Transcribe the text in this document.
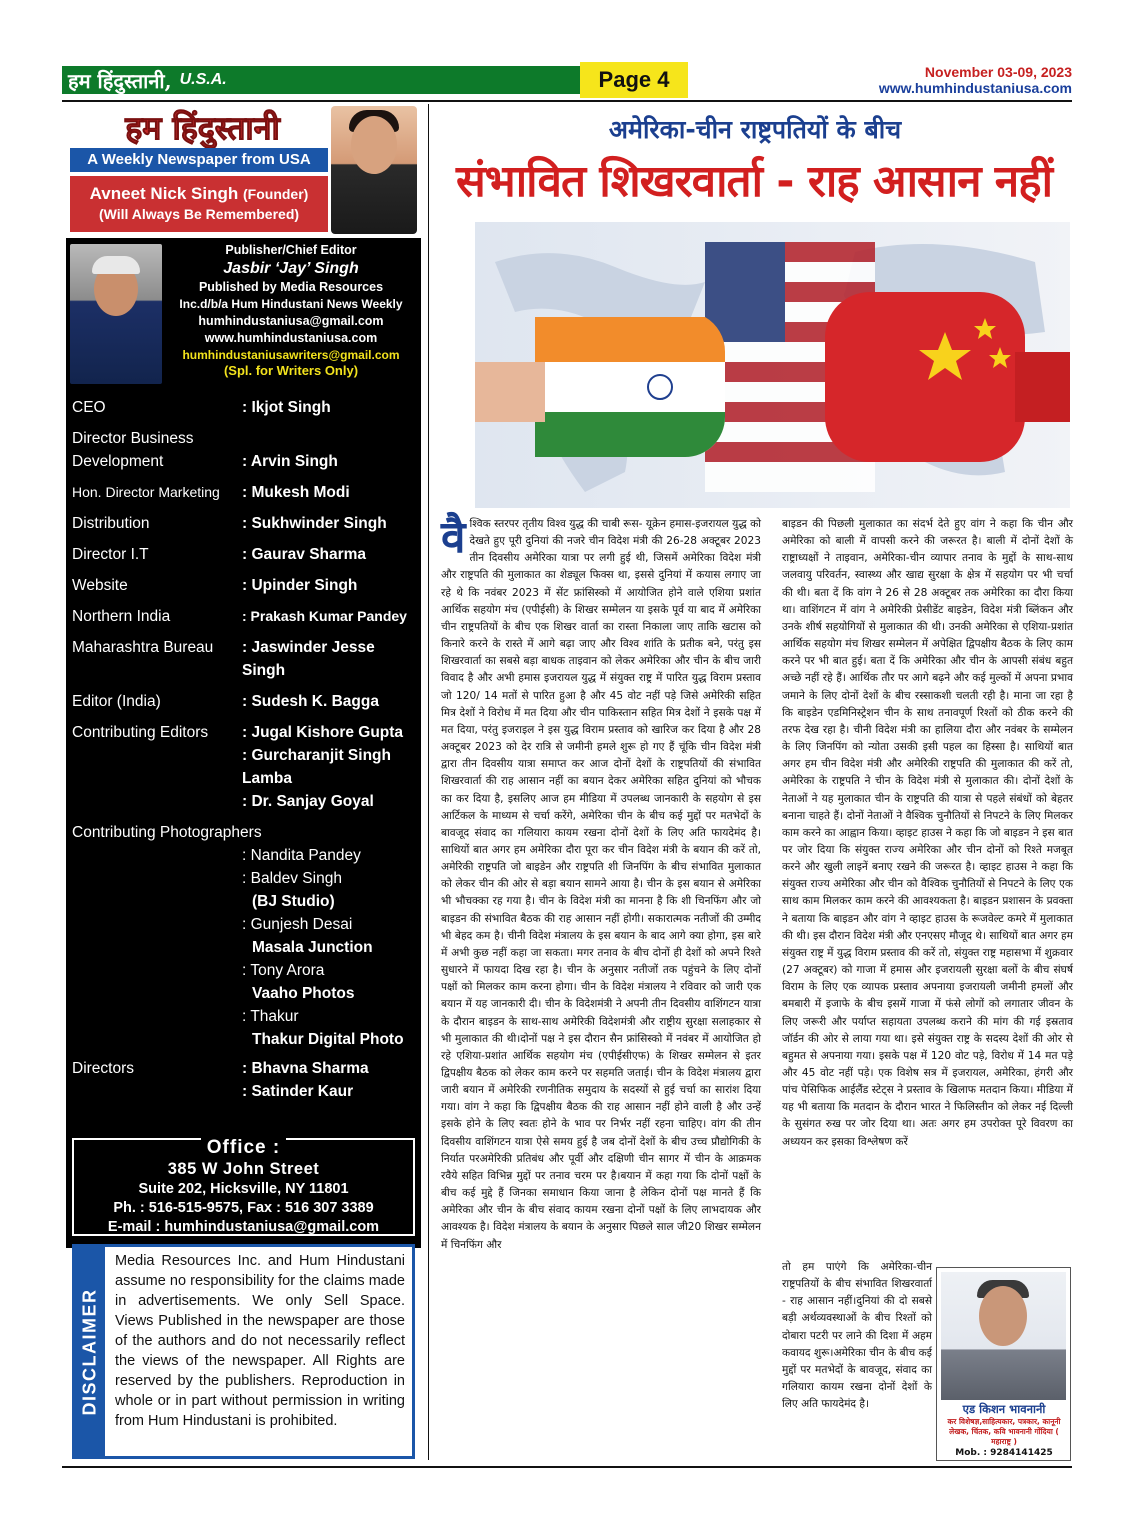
हम हिंदुस्तानी, U.S.A.	Page 4	November 03-09, 2023
www.humhindustaniusa.com
हम हिंदुस्तानी
A Weekly Newspaper from USA
Avneet Nick Singh (Founder)
(Will Always Be Remembered)
Publisher/Chief Editor
Jasbir ‘Jay’ Singh
Published by Media Resources
Inc.d/b/a Hum Hindustani News Weekly
humhindustaniusa@gmail.com
www.humhindustaniusa.com
humhindustaniusawriters@gmail.com
(Spl. for Writers Only)
CEO	: Ikjot Singh
Director Business Development	: Arvin Singh
Hon. Director Marketing	: Mukesh Modi
Distribution	: Sukhwinder Singh
Director I.T	: Gaurav Sharma
Website	: Upinder Singh
Northern India	: Prakash Kumar Pandey
Maharashtra Bureau	: Jaswinder Jesse Singh
Editor (India)	: Sudesh K. Bagga
Contributing Editors	: Jugal Kishore Gupta
: Gurcharanjit Singh Lamba
: Dr. Sanjay Goyal
Contributing Photographers
: Nandita Pandey
: Baldev Singh
(BJ Studio)
: Gunjesh Desai
Masala Junction
: Tony Arora
Vaaho Photos
: Thakur
Thakur Digital Photo
Directors	: Bhavna Sharma
: Satinder Kaur
Office :
385 W John Street
Suite 202, Hicksville, NY 11801
Ph. : 516-515-9575, Fax : 516 307 3389
E-mail : humhindustaniusa@gmail.com
DISCLAIMER
Media Resources Inc. and Hum Hindustani assume no responsibility for the claims made in advertisements. We only Sell Space. Views Published in the newspaper are those of the authors and do not necessarily reflect the views of the newspaper. All Rights are reserved by the publishers. Reproduction in whole or in part without permission in writing from Hum Hindustani is prohibited.
अमेरिका-चीन राष्ट्रपतियों के बीच
संभावित शिखरवार्ता - राह आसान नहीं
वैश्विक स्तरपर तृतीय विश्व युद्ध की चाबी रूस- यूक्रेन हमास-इजरायल युद्ध को देखते हुए पूरी दुनियां की नजरे चीन विदेश मंत्री की 26-28 अक्टूबर 2023 तीन दिवसीय अमेरिका यात्रा पर लगी हुई थी, जिसमें अमेरिका विदेश मंत्री और राष्ट्रपति की मुलाकात का शेड्यूल फिक्स था, इससे दुनियां में कयास लगाए जा रहे थे कि नवंबर 2023 में सेंट फ्रांसिस्को में आयोजित होने वाले एशिया प्रशांत आर्थिक सहयोग मंच (एपीईसी) के शिखर सम्मेलन या इसके पूर्व या बाद में अमेरिका चीन राष्ट्रपतियों के बीच एक शिखर वार्ता का रास्ता निकाला जाए ताकि खटास को किनारे करने के रास्ते में आगे बढ़ा जाए और विश्व शांति के प्रतीक बने, परंतु इस शिखरवार्ता का सबसे बड़ा बाधक ताइवान को लेकर अमेरिका और चीन के बीच जारी विवाद है और अभी हमास इजरायल युद्ध में संयुक्त राष्ट्र में पारित युद्ध विराम प्रस्ताव जो 120/ 14 मतों से पारित हुआ है और 45 वोट नहीं पड़े जिसे अमेरिकी सहित मित्र देशों ने विरोध में मत दिया और चीन पाकिस्तान सहित मित्र देशों ने इसके पक्ष में मत दिया, परंतु इजराइल ने इस युद्ध विराम प्रस्ताव को खारिज कर दिया है और 28 अक्टूबर 2023 को देर रात्रि से जमीनी हमले शुरू हो गए हैं चूंकि चीन विदेश मंत्री द्वारा तीन दिवसीय यात्रा समाप्त कर आज दोनों देशों के राष्ट्रपतियों की संभावित शिखरवार्ता की राह आसान नहीं का बयान देकर अमेरिका सहित दुनियां को भौचक का कर दिया है, इसलिए आज हम मीडिया में उपलब्ध जानकारी के सहयोग से इस आर्टिकल के माध्यम से चर्चा करेंगे, अमेरिका चीन के बीच कई मुद्दों पर मतभेदों के बावजूद संवाद का गलियारा कायम रखना दोनों देशों के लिए अति फायदेमंद है। साथियों बात अगर हम अमेरिका दौरा पूरा कर चीन विदेश मंत्री के बयान की करें तो, अमेरिकी राष्ट्रपति जो बाइडेन और राष्ट्रपति शी जिनपिंग के बीच संभावित मुलाकात को लेकर चीन की ओर से बड़ा बयान सामने आया है। चीन के इस बयान से अमेरिका भी भौचक्का रह गया है। चीन के विदेश मंत्री का मानना है कि शी चिनफिंग और जो बाइडन की संभावित बैठक की राह आसान नहीं होगी। सकारात्मक नतीजों की उम्मीद भी बेहद कम है। चीनी विदेश मंत्रालय के इस बयान के बाद आगे क्या होगा, इस बारे में अभी कुछ नहीं कहा जा सकता। मगर तनाव के बीच दोनों ही देशों को अपने रिश्ते सुधारने में फायदा दिख रहा है। चीन के अनुसार नतीजों तक पहुंचने के लिए दोनों पक्षों को मिलकर काम करना होगा। चीन के विदेश मंत्रालय ने रविवार को जारी एक बयान में यह जानकारी दी। चीन के विदेशमंत्री ने अपनी तीन दिवसीय वाशिंगटन यात्रा के दौरान बाइडन के साथ-साथ अमेरिकी विदेशमंत्री और राष्ट्रीय सुरक्षा सलाहकार से भी मुलाकात की थी।दोनों पक्ष ने इस दौरान सैन फ्रांसिस्को में नवंबर में आयोजित हो रहे एशिया-प्रशांत आर्थिक सहयोग मंच (एपीईसीएफ) के शिखर सम्मेलन से इतर द्विपक्षीय बैठक को लेकर काम करने पर सहमति जताई। चीन के विदेश मंत्रालय द्वारा जारी बयान में अमेरिकी रणनीतिक समुदाय के सदस्यों से हुई चर्चा का सारांश दिया गया। वांग ने कहा कि द्विपक्षीय बैठक की राह आसान नहीं होने वाली है और उन्हें इसके होने के लिए स्वतः होने के भाव पर निर्भर नहीं रहना चाहिए। वांग की तीन दिवसीय वाशिंगटन यात्रा ऐसे समय हुई है जब दोनों देशों के बीच उच्च प्रौद्योगिकी के निर्यात परअमेरिकी प्रतिबंध और पूर्वी और दक्षिणी चीन सागर में चीन के आक्रमक रवैये सहित विभिन्न मुद्दों पर तनाव चरम पर है।बयान में कहा गया कि दोनों पक्षों के बीच कई मुद्दे हैं जिनका समाधान किया जाना है लेकिन दोनों पक्ष मानते हैं कि अमेरिका और चीन के बीच संवाद कायम रखना दोनों पक्षों के लिए लाभदायक और आवश्यक है। विदेश मंत्रालय के बयान के अनुसार पिछले साल जी20 शिखर सम्मेलन में चिनफिंग और
बाइडन की पिछली मुलाकात का संदर्भ देते हुए वांग ने कहा कि चीन और अमेरिका को बाली में वापसी करने की जरूरत है। बाली में दोनों देशों के राष्ट्राध्यक्षों ने ताइवान, अमेरिका-चीन व्यापार तनाव के मुद्दों के साथ-साथ जलवायु परिवर्तन, स्वास्थ्य और खाद्य सुरक्षा के क्षेत्र में सहयोग पर भी चर्चा की थी। बता दें कि वांग ने 26 से 28 अक्टूबर तक अमेरिका का दौरा किया था। वाशिंगटन में वांग ने अमेरिकी प्रेसीडेंट बाइडेन, विदेश मंत्री ब्लिंकन और उनके शीर्ष सहयोगियों से मुलाकात की थी। उनकी अमेरिका से एशिया-प्रशांत आर्थिक सहयोग मंच शिखर सम्मेलन में अपेक्षित द्विपक्षीय बैठक के लिए काम करने पर भी बात हुई। बता दें कि अमेरिका और चीन के आपसी संबंध बहुत अच्छे नहीं रहे हैं। आर्थिक तौर पर आगे बढ़ने और कई मुल्कों में अपना प्रभाव जमाने के लिए दोनों देशों के बीच रस्साकशी चलती रही है। माना जा रहा है कि बाइडेन एडमिनिस्ट्रेशन चीन के साथ तनावपूर्ण रिश्तों को ठीक करने की तरफ देख रहा है। चीनी विदेश मंत्री का हालिया दौरा और नवंबर के सम्मेलन के लिए जिनपिंग को न्योता उसकी इसी पहल का हिस्सा है। साथियों बात अगर हम चीन विदेश मंत्री और अमेरिकी राष्ट्रपति की मुलाकात की करें तो, अमेरिका के राष्ट्रपति ने चीन के विदेश मंत्री से मुलाकात की। दोनों देशों के नेताओं ने यह मुलाकात चीन के राष्ट्रपति की यात्रा से पहले संबंधों को बेहतर बनाना चाहते हैं। दोनों नेताओं ने वैश्विक चुनौतियों से निपटने के लिए मिलकर काम करने का आह्वान किया। व्हाइट हाउस ने कहा कि जो बाइडन ने इस बात पर जोर दिया कि संयुक्त राज्य अमेरिका और चीन दोनों को रिश्ते मजबूत करने और खुली लाइनें बनाए रखने की जरूरत है। व्हाइट हाउस ने कहा कि संयुक्त राज्य अमेरिका और चीन को वैश्विक चुनौतियों से निपटने के लिए एक साथ काम मिलकर काम करने की आवश्यकता है। बाइडन प्रशासन के प्रवक्ता ने बताया कि बाइडन और वांग ने व्हाइट हाउस के रूजवेल्ट कमरे में मुलाकात की थी। इस दौरान विदेश मंत्री और एनएसए मौजूद थे। साथियों बात अगर हम संयुक्त राष्ट्र में युद्ध विराम प्रस्ताव की करें तो, संयुक्त राष्ट्र महासभा में शुक्रवार (27 अक्टूबर) को गाजा में हमास और इजरायली सुरक्षा बलों के बीच संघर्ष विराम के लिए एक व्यापक प्रस्ताव अपनाया इजरायली जमीनी हमलों और बमबारी में इजाफे के बीच इसमें गाजा में फंसे लोगों को लगातार जीवन के लिए जरूरी और पर्याप्त सहायता उपलब्ध कराने की मांग की गई इस्रताव जॉर्डन की ओर से लाया गया था। इसे संयुक्त राष्ट्र के सदस्य देशों की ओर से बहुमत से अपनाया गया। इसके पक्ष में 120 वोट पड़े, विरोध में 14 मत पड़े और 45 वोट नहीं पड़े। एक विशेष सत्र में इजरायल, अमेरिका, हंगरी और पांच पेसिफिक आईलैंड स्टेट्स ने प्रस्ताव के खिलाफ मतदान किया। मीडिया में यह भी बताया कि मतदान के दौरान भारत ने फिलिस्तीन को लेकर नई दिल्ली के सुसंगत रुख पर जोर दिया था। अतः अगर हम उपरोक्त पूरे विवरण का अध्ययन कर इसका विश्लेषण करें
तो हम पाएंगे कि अमेरिका-चीन राष्ट्रपतियों के बीच संभावित शिखरवार्ता - राह आसान नहीं।दुनियां की दो सबसे बड़ी अर्थव्यवस्थाओं के बीच रिश्तों को दोबारा पटरी पर लाने की दिशा में अहम कवायद शुरू।अमेरिका चीन के बीच कई मुद्दों पर मतभेदों के बावजूद, संवाद का गलियारा कायम रखना दोनों देशों के लिए अति फायदेमंद है।	एड किशन भावनानी
कर विशेषज्ञ,साहित्यकार, पत्रकार, कानूनी लेखक, चिंतक, कवि भावनानी गोंदिया ( महाराष्ट्र )
Mob. : 9284141425
